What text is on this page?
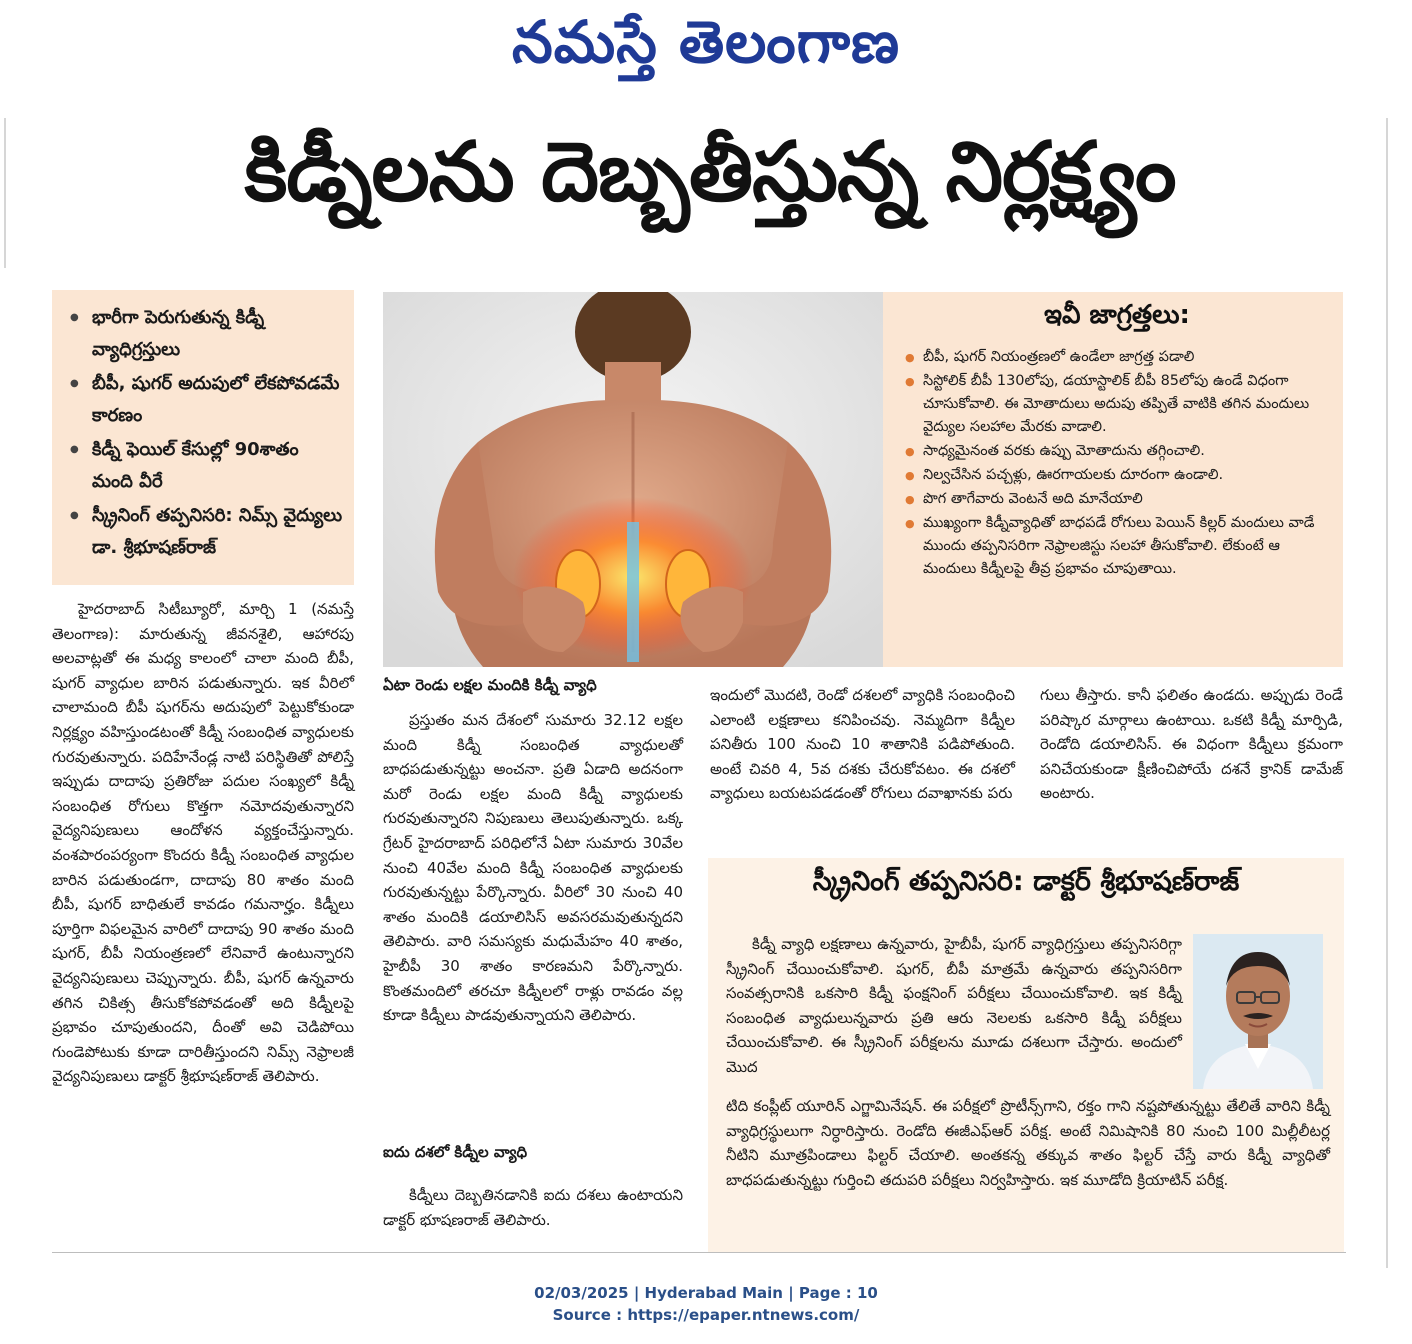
నమస్తే తెలంగాణ
కిడ్నీలను దెబ్బతీస్తున్న నిర్లక్ష్యం
● భారీగా పెరుగుతున్న కిడ్నీ వ్యాధిగ్రస్తులు
● బీపీ, షుగర్ అదుపులో లేకపోవడమే కారణం
● కిడ్నీ ఫెయిల్ కేసుల్లో 90శాతం మంది వీరే
● స్క్రీనింగ్ తప్పనిసరి: నిమ్స్ వైద్యులు డా. శ్రీభూషణ్‌రాజ్
ఇవీ జాగ్రత్తలు:
● బీపీ, షుగర్ నియంత్రణలో ఉండేలా జాగ్రత్త పడాలి
● సిస్టోలిక్ బీపీ 130లోపు, డయాస్టాలిక్ బీపీ 85లోపు ఉండే విధంగా చూసుకోవాలి. ఈ మోతాదులు అదుపు తప్పితే వాటికి తగిన మందులు వైద్యుల సలహాల మేరకు వాడాలి.
● సాధ్యమైనంత వరకు ఉప్పు మోతాదును తగ్గించాలి.
● నిల్వచేసిన పచ్చళ్లు, ఊరగాయలకు దూరంగా ఉండాలి.
● పొగ తాగేవారు వెంటనే అది మానేయాలి
● ముఖ్యంగా కిడ్నీవ్యాధితో బాధపడే రోగులు పెయిన్ కిల్లర్ మందులు వాడే ముందు తప్పనిసరిగా నెఫ్రాలజిస్టు సలహా తీసుకోవాలి. లేకుంటే ఆ మందులు కిడ్నీలపై తీవ్ర ప్రభావం చూపుతాయి.
హైదరాబాద్ సిటీబ్యూరో, మార్చి 1 (నమస్తే తెలంగాణ): మారుతున్న జీవనశైలి, ఆహారపు అలవాట్లతో ఈ మధ్య కాలంలో చాలా మంది బీపీ, షుగర్ వ్యాధుల బారిన పడుతున్నారు. ఇక వీరిలో చాలామంది బీపీ షుగర్‌ను అదుపులో పెట్టుకోకుండా నిర్లక్ష్యం వహిస్తుండటంతో కిడ్నీ సంబంధిత వ్యాధులకు గురవుతున్నారు. పదిహేనేండ్ల నాటి పరిస్థితితో పోలిస్తే ఇప్పుడు దాదాపు ప్రతిరోజు పదుల సంఖ్యలో కిడ్నీ సంబంధిత రోగులు కొత్తగా నమోదవుతున్నారని వైద్యనిపుణులు ఆందోళన వ్యక్తంచేస్తున్నారు. వంశపారంపర్యంగా కొందరు కిడ్నీ సంబంధిత వ్యాధుల బారిన పడుతుండగా, దాదాపు 80 శాతం మంది బీపీ, షుగర్ బాధితులే కావడం గమనార్హం. కిడ్నీలు పూర్తిగా విఫలమైన వారిలో దాదాపు 90 శాతం మంది షుగర్, బీపీ నియంత్రణలో లేనివారే ఉంటున్నారని వైద్యనిపుణులు చెప్పున్నారు. బీపీ, షుగర్ ఉన్నవారు తగిన చికిత్స తీసుకోకపోవడంతో అది కిడ్నీలపై ప్రభావం చూపుతుందని, దీంతో అవి చెడిపోయి గుండెపోటుకు కూడా దారితీస్తుందని నిమ్స్ నెఫ్రాలజీ వైద్యనిపుణులు డాక్టర్ శ్రీభూషణ్‌రాజ్ తెలిపారు.
ఏటా రెండు లక్షల మందికి కిడ్నీ వ్యాధి
ప్రస్తుతం మన దేశంలో సుమారు 32.12 లక్షల మంది కిడ్నీ సంబంధిత వ్యాధులతో బాధపడుతున్నట్టు అంచనా. ప్రతి ఏడాది అదనంగా మరో రెండు లక్షల మంది కిడ్నీ వ్యాధులకు గురవుతున్నారని నిపుణులు తెలుపుతున్నారు. ఒక్క గ్రేటర్ హైదరాబాద్ పరిధిలోనే ఏటా సుమారు 30వేల నుంచి 40వేల మంది కిడ్నీ సంబంధిత వ్యాధులకు గురవుతున్నట్టు పేర్కొన్నారు. వీరిలో 30 నుంచి 40 శాతం మందికి డయాలిసిస్ అవసరమవుతున్నదని తెలిపారు. వారి సమస్యకు మధుమేహం 40 శాతం, హైబీపీ 30 శాతం కారణమని పేర్కొన్నారు. కొంతమందిలో తరచూ కిడ్నీలలో రాళ్లు రావడం వల్ల కూడా కిడ్నీలు పాడవుతున్నాయని తెలిపారు.
ఐదు దశలో కిడ్నీల వ్యాధి
కిడ్నీలు దెబ్బతినడానికి ఐదు దశలు ఉంటాయని డాక్టర్ భూషణరాజ్ తెలిపారు.
ఇందులో మొదటి, రెండో దశలలో వ్యాధికి సంబంధించి ఎలాంటి లక్షణాలు కనిపించవు. నెమ్మదిగా కిడ్నీల పనితీరు 100 నుంచి 10 శాతానికి పడిపోతుంది. అంటే చివరి 4, 5వ దశకు చేరుకోవటం. ఈ దశలో వ్యాధులు బయటపడడంతో రోగులు దవాఖానకు పరు
గులు తీస్తారు. కానీ ఫలితం ఉండదు. అప్పుడు రెండే పరిష్కార మార్గాలు ఉంటాయి. ఒకటి కిడ్నీ మార్పిడి, రెండోది డయాలిసిస్. ఈ విధంగా కిడ్నీలు క్రమంగా పనిచేయకుండా క్షీణించిపోయే దశనే క్రానిక్ డామేజ్ అంటారు.
స్క్రీనింగ్ తప్పనిసరి: డాక్టర్ శ్రీభూషణ్‌రాజ్
కిడ్నీ వ్యాధి లక్షణాలు ఉన్నవారు, హైబీపీ, షుగర్ వ్యాధిగ్రస్తులు తప్పనిసరిగ్గా స్క్రీనింగ్ చేయించుకోవాలి. షుగర్, బీపీ మాత్రమే ఉన్నవారు తప్పనిసరిగా సంవత్సరానికి ఒకసారి కిడ్నీ ఫంక్షనింగ్ పరీక్షలు చేయించుకోవాలి. ఇక కిడ్నీ సంబంధిత వ్యాధులున్నవారు ప్రతి ఆరు నెలలకు ఒకసారి కిడ్నీ పరీక్షలు చేయించుకోవాలి. ఈ స్క్రీనింగ్ పరీక్షలను మూడు దశలుగా చేస్తారు. అందులో మొద
టిది కంప్లీట్ యూరిన్ ఎగ్జామినేషన్. ఈ పరీక్షలో ప్రొటీన్స్‌గాని, రక్తం గాని నష్టపోతున్నట్టు తేలితే వారిని కిడ్నీ వ్యాధిగ్రస్థులుగా నిర్ధారిస్తారు. రెండోది ఈజీఎఫ్‌ఆర్ పరీక్ష. అంటే నిమిషానికి 80 నుంచి 100 మిల్లీలీటర్ల నీటిని మూత్రపిండాలు ఫిల్టర్ చేయాలి. అంతకన్న తక్కువ శాతం ఫిల్టర్ చేస్తే వారు కిడ్నీ వ్యాధితో బాధపడుతున్నట్టు గుర్తించి తదుపరి పరీక్షలు నిర్వహిస్తారు. ఇక మూడోది క్రియాటిన్ పరీక్ష.
02/03/2025 | Hyderabad Main | Page : 10
Source : https://epaper.ntnews.com/
